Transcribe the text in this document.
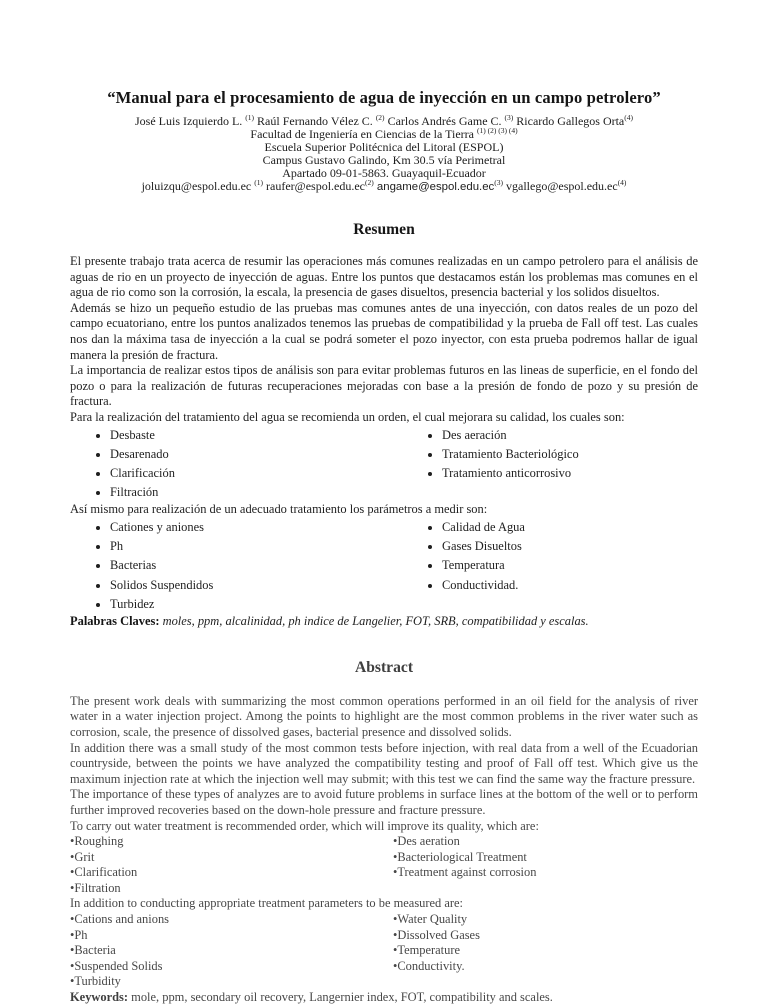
“Manual para el procesamiento de agua de inyección en un campo petrolero”

José Luis Izquierdo L. $^{(1)}$ Raúl Fernando Vélez C. $^{(2)}$ Carlos Andrés Game C. $^{(3)}$ Ricardo Gallegos Orta$^{(4)}$

Facultad de Ingeniería en Ciencias de la Tierra $^{(1) (2) (3) (4)}$

Escuela Superior Politécnica del Litoral (ESPOL)

Campus Gustavo Galindo, Km 30.5 vía Perimetral

Apartado 09-01-5863. Guayaquil-Ecuador

joluizqu@espol.edu.ec $^{(1)}$ $raufer@espol.edu.ec^{(2)}$ $angame@espol.edu.ec^{(3)}$ $vgallego@espol.edu.ec^{(4)}$

Resumen

El presente trabajo trata acerca de resumir las operaciones más comunes realizadas en un campo petrolero para el análisis de aguas de rio en un proyecto de inyección de aguas. Entre los puntos que destacamos están los problemas mas comunes en el agua de rio como son la corrosión, la escala, la presencia de gases disueltos, presencia bacterial y los solidos disueltos.

Además se hizo un pequeño estudio de las pruebas mas comunes antes de una inyección, con datos reales de un pozo del campo ecuatoriano, entre los puntos analizados tenemos las pruebas de compatibilidad y la prueba de Fall off test. Las cuales nos dan la máxima tasa de inyección a la cual se podrá someter el pozo inyector, con esta prueba podremos hallar de igual manera la presión de fractura.

La importancia de realizar estos tipos de análisis son para evitar problemas futuros en las lineas de superficie, en el fondo del pozo o para la realización de futuras recuperaciones mejoradas con base a la presión de fondo de pozo y su presión de fractura.

Para la realización del tratamiento del agua se recomienda un orden, el cual mejorara su calidad, los cuales son:

• Desbaste
• Desarenado
• Clarificación
• Filtración
• Des aeración
• Tratamiento Bacteriológico
• Tratamiento anticorrosivo

Así mismo para realización de un adecuado tratamiento los parámetros a medir son:

• Cationes y aniones
• Ph
• Bacterias
• Solidos Suspendidos
• Turbidez
• Calidad de Agua
• Gases Disueltos
• Temperatura
• Conductividad.

Palabras Claves: moles, ppm, alcalinidad, ph indice de Langelier, FOT, SRB, compatibilidad y escalas.

Abstract

The present work deals with summarizing the most common operations performed in an oil field for the analysis of river water in a water injection project. Among the points to highlight are the most common problems in the river water such as corrosion, scale, the presence of dissolved gases, bacterial presence and dissolved solids.

In addition there was a small study of the most common tests before injection, with real data from a well of the Ecuadorian countryside, between the points we have analyzed the compatibility testing and proof of Fall off test. Which give us the maximum injection rate at which the injection well may submit; with this test we can find the same way the fracture pressure.

The importance of these types of analyzes are to avoid future problems in surface lines at the bottom of the well or to perform further improved recoveries based on the down-hole pressure and fracture pressure.

To carry out water treatment is recommended order, which will improve its quality, which are:

• Roughing
• Grit
• Clarification
• Filtration
• Des aeration
• Bacteriological Treatment
• Treatment against corrosion

In addition to conducting appropriate treatment parameters to be measured are:

• Cations and anions
• Ph
• Bacteria
• Suspended Solids
• Turbidity
• Water Quality
• Dissolved Gases
• Temperature
• Conductivity.

Keywords: mole, ppm, secondary oil recovery, Langernier index, FOT, compatibility and scales.
